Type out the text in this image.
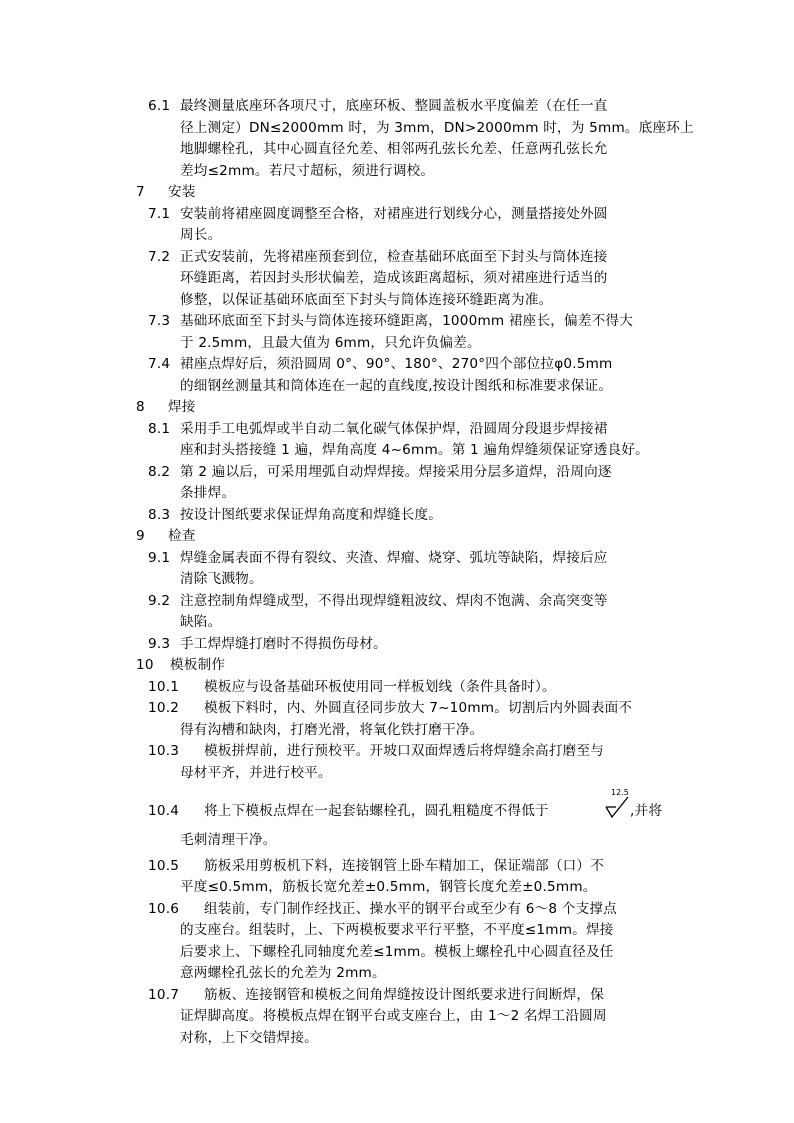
6.1 最终测量底座环各项尺寸，底座环板、整圆盖板水平度偏差（在任一直
径上测定）DN≤2000mm 时，为 3mm，DN>2000mm 时，为 5mm。底座环上
地脚螺栓孔，其中心圆直径允差、相邻两孔弦长允差、任意两孔弦长允
差均≤2mm。若尺寸超标，须进行调校。
7 安装
7.1 安装前将裙座圆度调整至合格，对裙座进行划线分心，测量搭接处外圆
周长。
7.2 正式安装前，先将裙座预套到位，检查基础环底面至下封头与筒体连接
环缝距离，若因封头形状偏差，造成该距离超标，须对裙座进行适当的
修整，以保证基础环底面至下封头与筒体连接环缝距离为准。
7.3 基础环底面至下封头与筒体连接环缝距离，1000mm 裙座长，偏差不得大
于 2.5mm，且最大值为 6mm，只允许负偏差。
7.4 裙座点焊好后，须沿圆周 0°、90°、180°、270°四个部位拉φ0.5mm
的细钢丝测量其和筒体连在一起的直线度,按设计图纸和标准要求保证。
8 焊接
8.1 采用手工电弧焊或半自动二氧化碳气体保护焊，沿圆周分段退步焊接裙
座和封头搭接缝 1 遍，焊角高度 4~6mm。第 1 遍角焊缝须保证穿透良好。
8.2 第 2 遍以后，可采用埋弧自动焊焊接。焊接采用分层多道焊，沿周向逐
条排焊。
8.3 按设计图纸要求保证焊角高度和焊缝长度。
9 检查
9.1 焊缝金属表面不得有裂纹、夹渣、焊瘤、烧穿、弧坑等缺陷，焊接后应
清除飞溅物。
9.2 注意控制角焊缝成型，不得出现焊缝粗波纹、焊肉不饱满、余高突变等
缺陷。
9.3 手工焊焊缝打磨时不得损伤母材。
10 模板制作
10.1 模板应与设备基础环板使用同一样板划线（条件具备时）。
10.2 模板下料时，内、外圆直径同步放大 7~10mm。切割后内外圆表面不
得有沟槽和缺肉，打磨光滑，将氧化铁打磨干净。
10.3 模板拼焊前，进行预校平。开坡口双面焊透后将焊缝余高打磨至与
母材平齐，并进行校平。
10.4 将上下模板点焊在一起套钻螺栓孔，圆孔粗糙度不得低于
12.5
,并将
毛刺清理干净。
10.5 筋板采用剪板机下料，连接钢管上卧车精加工，保证端部（口）不
平度≤0.5mm，筋板长宽允差±0.5mm，钢管长度允差±0.5mm。
10.6 组装前，专门制作经找正、操水平的钢平台或至少有 6～8 个支撑点
的支座台。组装时，上、下两模板要求平行平整，不平度≤1mm。焊接
后要求上、下螺栓孔同轴度允差≤1mm。模板上螺栓孔中心圆直径及任
意两螺栓孔弦长的允差为 2mm。
10.7 筋板、连接钢管和模板之间角焊缝按设计图纸要求进行间断焊，保
证焊脚高度。将模板点焊在钢平台或支座台上，由 1～2 名焊工沿圆周
对称，上下交错焊接。
